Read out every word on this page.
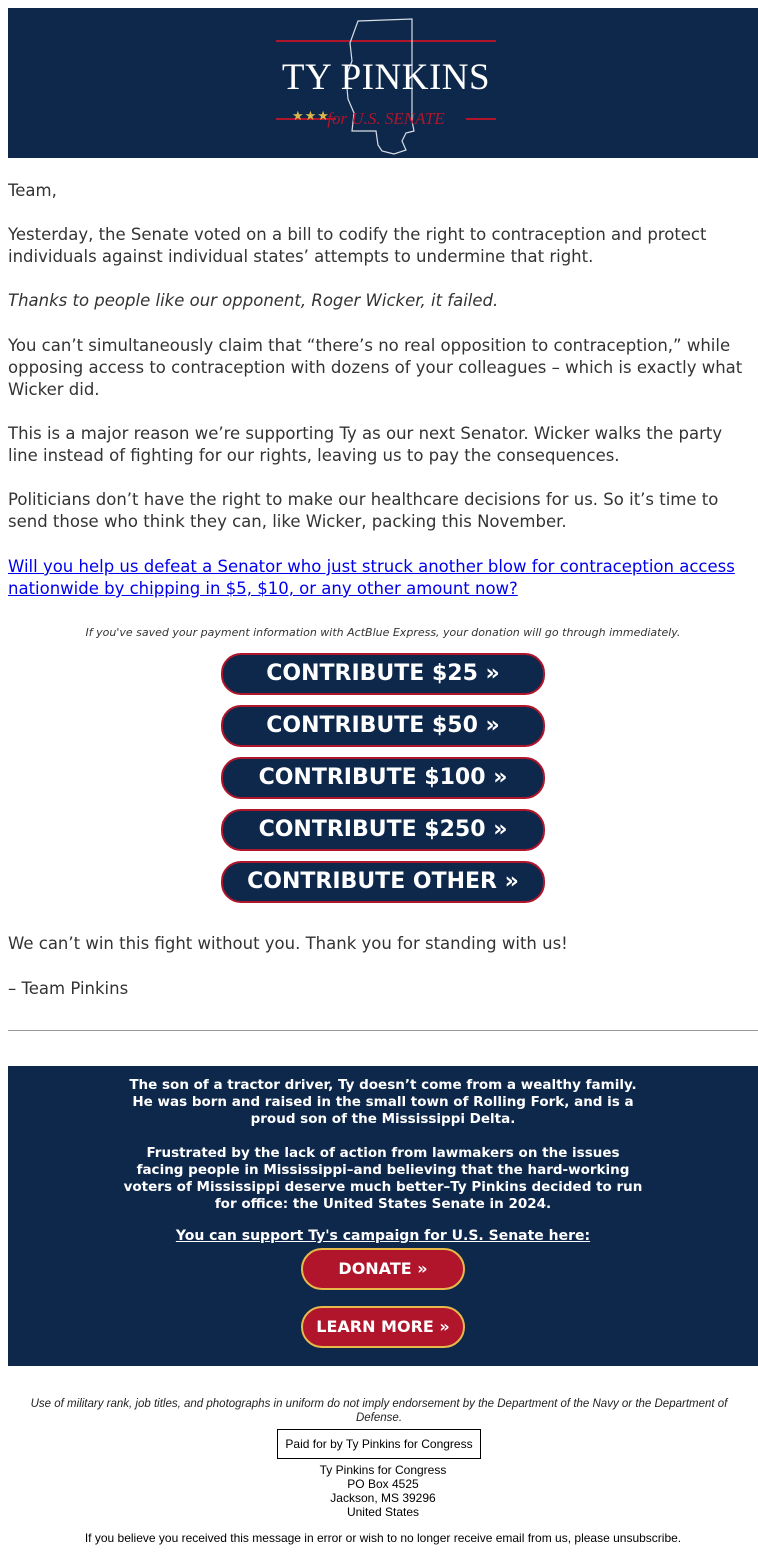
TY PINKINS
★★★
for U.S. SENATE

Team,

Yesterday, the Senate voted on a bill to codify the right to contraception and protect individuals against individual states’ attempts to undermine that right.

Thanks to people like our opponent, Roger Wicker, it failed.

You can’t simultaneously claim that “there’s no real opposition to contraception,” while opposing access to contraception with dozens of your colleagues – which is exactly what Wicker did.

This is a major reason we’re supporting Ty as our next Senator. Wicker walks the party line instead of fighting for our rights, leaving us to pay the consequences.

Politicians don’t have the right to make our healthcare decisions for us. So it’s time to send those who think they can, like Wicker, packing this November.

Will you help us defeat a Senator who just struck another blow for contraception access nationwide by chipping in $5, $10, or any other amount now?

If you've saved your payment information with ActBlue Express, your donation will go through immediately.
CONTRIBUTE $25 »
CONTRIBUTE $50 »
CONTRIBUTE $100 »
CONTRIBUTE $250 »
CONTRIBUTE OTHER »

We can’t win this fight without you. Thank you for standing with us!

– Team Pinkins

The son of a tractor driver, Ty doesn’t come from a wealthy family. He was born and raised in the small town of Rolling Fork, and is a proud son of the Mississippi Delta.

Frustrated by the lack of action from lawmakers on the issues facing people in Mississippi–and believing that the hard-working voters of Mississippi deserve much better–Ty Pinkins decided to run for office: the United States Senate in 2024.

You can support Ty's campaign for U.S. Senate here:
DONATE »
LEARN MORE »
Use of military rank, job titles, and photographs in uniform do not imply endorsement by the Department of the Navy or the Department of Defense.
Paid for by Ty Pinkins for Congress
Ty Pinkins for Congress
PO Box 4525
Jackson, MS 39296
United States
If you believe you received this message in error or wish to no longer receive email from us, please unsubscribe.
